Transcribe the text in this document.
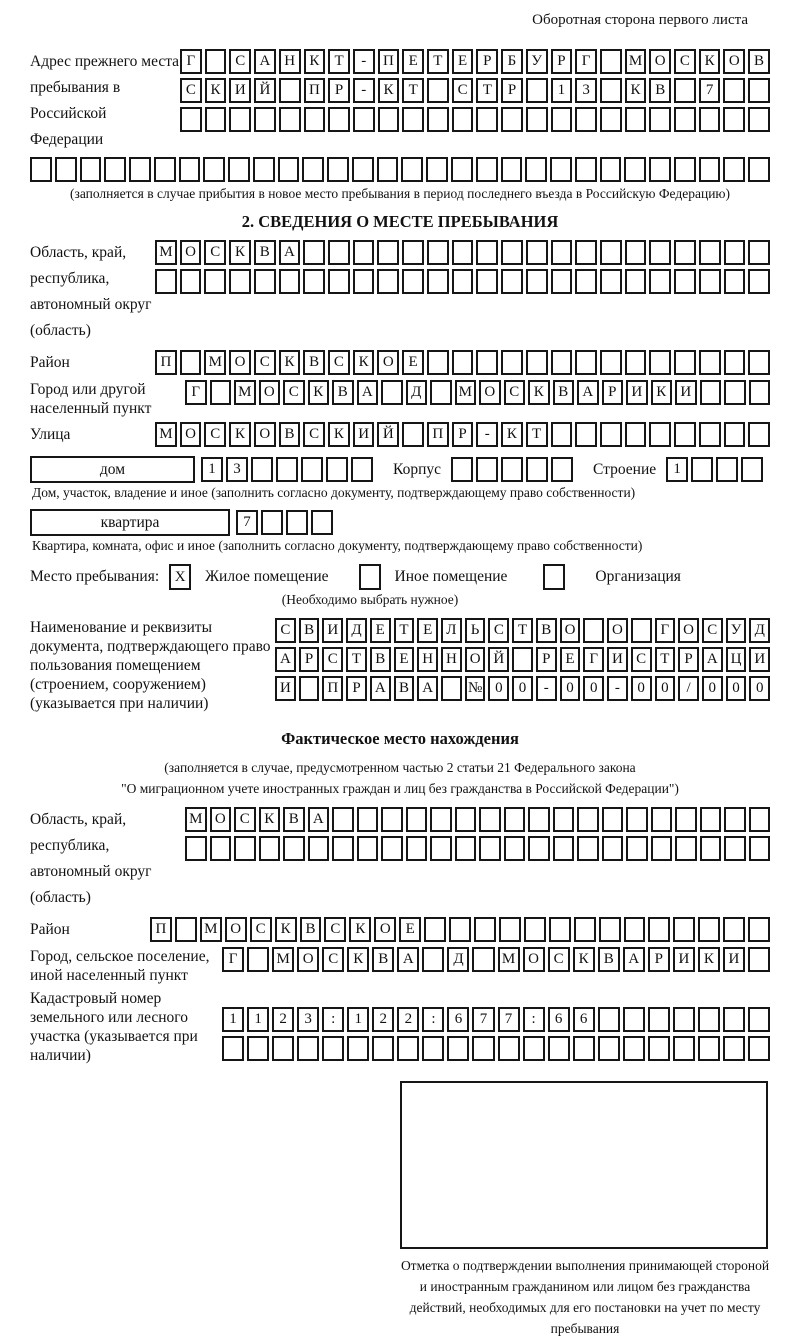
Оборотная сторона первого листа
Адрес прежнего места пребывания в Российской Федерации
Г	С А Н К	Т	-	П Е	Т	Е	Р	Б	У	Р	Г	М О С К О В
С К И Й	П	Р	-	К	Т	С	Т	Р	1	3	К В	7
(заполняется в случае прибытия в новое место пребывания в период последнего въезда в Российскую Федерацию)
2. СВЕДЕНИЯ О МЕСТЕ ПРЕБЫВАНИЯ
Область, край, республика, автономный округ (область)
М О С К В А
Район	П	М О С К В С К О Е
Город или другой населенный пункт
Г	М О С К В А	Д	М О С К В А Р И К И
Улица	М О С К О В С К И Й	П	Р	-	К	Т
дом	1	3	Корпус	Строение	1
Дом, участок, владение и иное (заполнить согласно документу, подтверждающему право собственности)
квартира	7
Квартира, комната, офис и иное (заполнить согласно документу, подтверждающему право собственности)
Место пребывания:	X	Жилое помещение	Иное помещение	Организация
(Необходимо выбрать нужное)
Наименование и реквизиты документа, подтверждающего право пользования помещением (строением, сооружением) (указывается при наличии)
С В И Д Е Т Е Л Ь С Т В О	О	Г О С У Д
А Р С Т В Е Н Н О Й	Р Е Г И С Т Р А Ц И
И	П Р А В А	№ 0	0	-	0	0	-	0	0	/	0	0	0
Фактическое место нахождения
(заполняется в случае, предусмотренном частью 2 статьи 21 Федерального закона
"О миграционном учете иностранных граждан и лиц без гражданства в Российской Федерации")
Область, край, республика, автономный округ (область)
М О С К В А
Район	П	М О С К В С К О Е
Город, сельское поселение, иной населенный пункт
Г	М О С	К	В А	Д	М О С	К	В А	Р	И К И
Кадастровый номер земельного или лесного участка (указывается при наличии)
1	1	2	3	:	1	2	2	:	6	7	7	:	6	6
Отметка о подтверждении выполнения принимающей стороной и иностранным гражданином или лицом без гражданства действий, необходимых для его постановки на учет по месту пребывания
